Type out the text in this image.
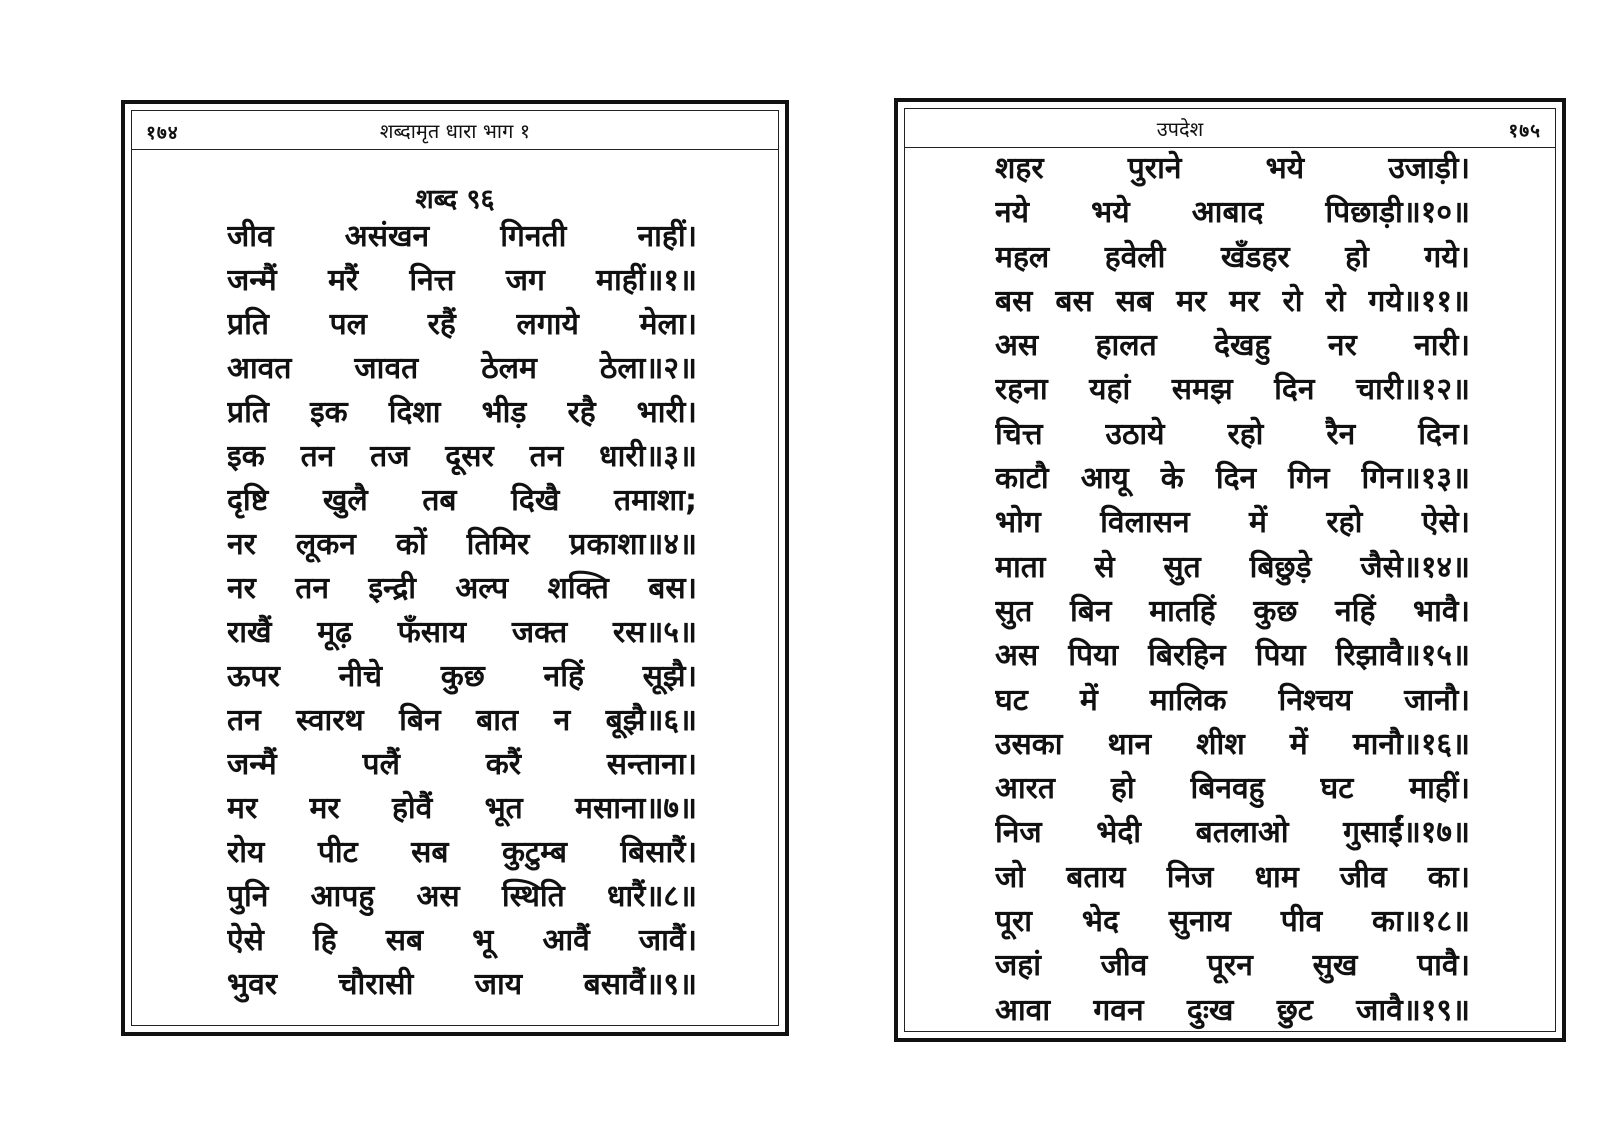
१७४	शब्दामृत धारा भाग १
शब्द ९६
जीव असंखन गिनती नाहीं।
जन्मैं मरैं नित्त जग माहीं॥१॥
प्रति पल रहैं लगाये मेला।
आवत जावत ठेलम ठेला॥२॥
प्रति इक दिशा भीड़ रहै भारी।
इक तन तज दूसर तन धारी॥३॥
दृष्टि खुलै तब दिखै तमाशा;
नर लूकन कों तिमिर प्रकाशा॥४॥
नर तन इन्द्री अल्प शक्ति बस।
राखैं मूढ़ फँसाय जक्त रस॥५॥
ऊपर नीचे कुछ नहिं सूझै।
तन स्वारथ बिन बात न बूझै॥६॥
जन्मैं	पलैं	करैं	सन्ताना।
मर मर होवैं भूत मसाना॥७॥
रोय पीट सब कुटुम्ब बिसारैं।
पुनि आपहु अस स्थिति धारैं॥८॥
ऐसे हि सब भू आवैं जावैं।
भुवर चौरासी जाय बसावैं॥९॥
उपदेश	१७५
शहर	पुराने	भये	उजाड़ी।
नये भये आबाद पिछाड़ी॥१०॥
महल हवेली खँडहर हो गये।
बस बस सब मर मर रो रो गये॥११॥
अस हालत देखहु नर नारी।
रहना यहां समझ दिन चारी॥१२॥
चित्त उठाये रहो रैन दिन।
काटौ आयू के दिन गिन गिन॥१३॥
भोग विलासन में रहो ऐसे।
माता से सुत बिछुड़े जैसे॥१४॥
सुत बिन मातहिं कुछ नहिं भावै।
अस पिया बिरहिन पिया रिझावै॥१५॥
घट में मालिक निश्चय जानौ।
उसका थान शीश में मानौ॥१६॥
आरत हो बिनवहु घट माहीं।
निज भेदी बतलाओ गुसाईं॥१७॥
जो बताय निज धाम जीव का।
पूरा भेद सुनाय पीव का॥१८॥
जहां जीव पूरन सुख पावै।
आवा गवन दुःख छुट जावै॥१९॥
